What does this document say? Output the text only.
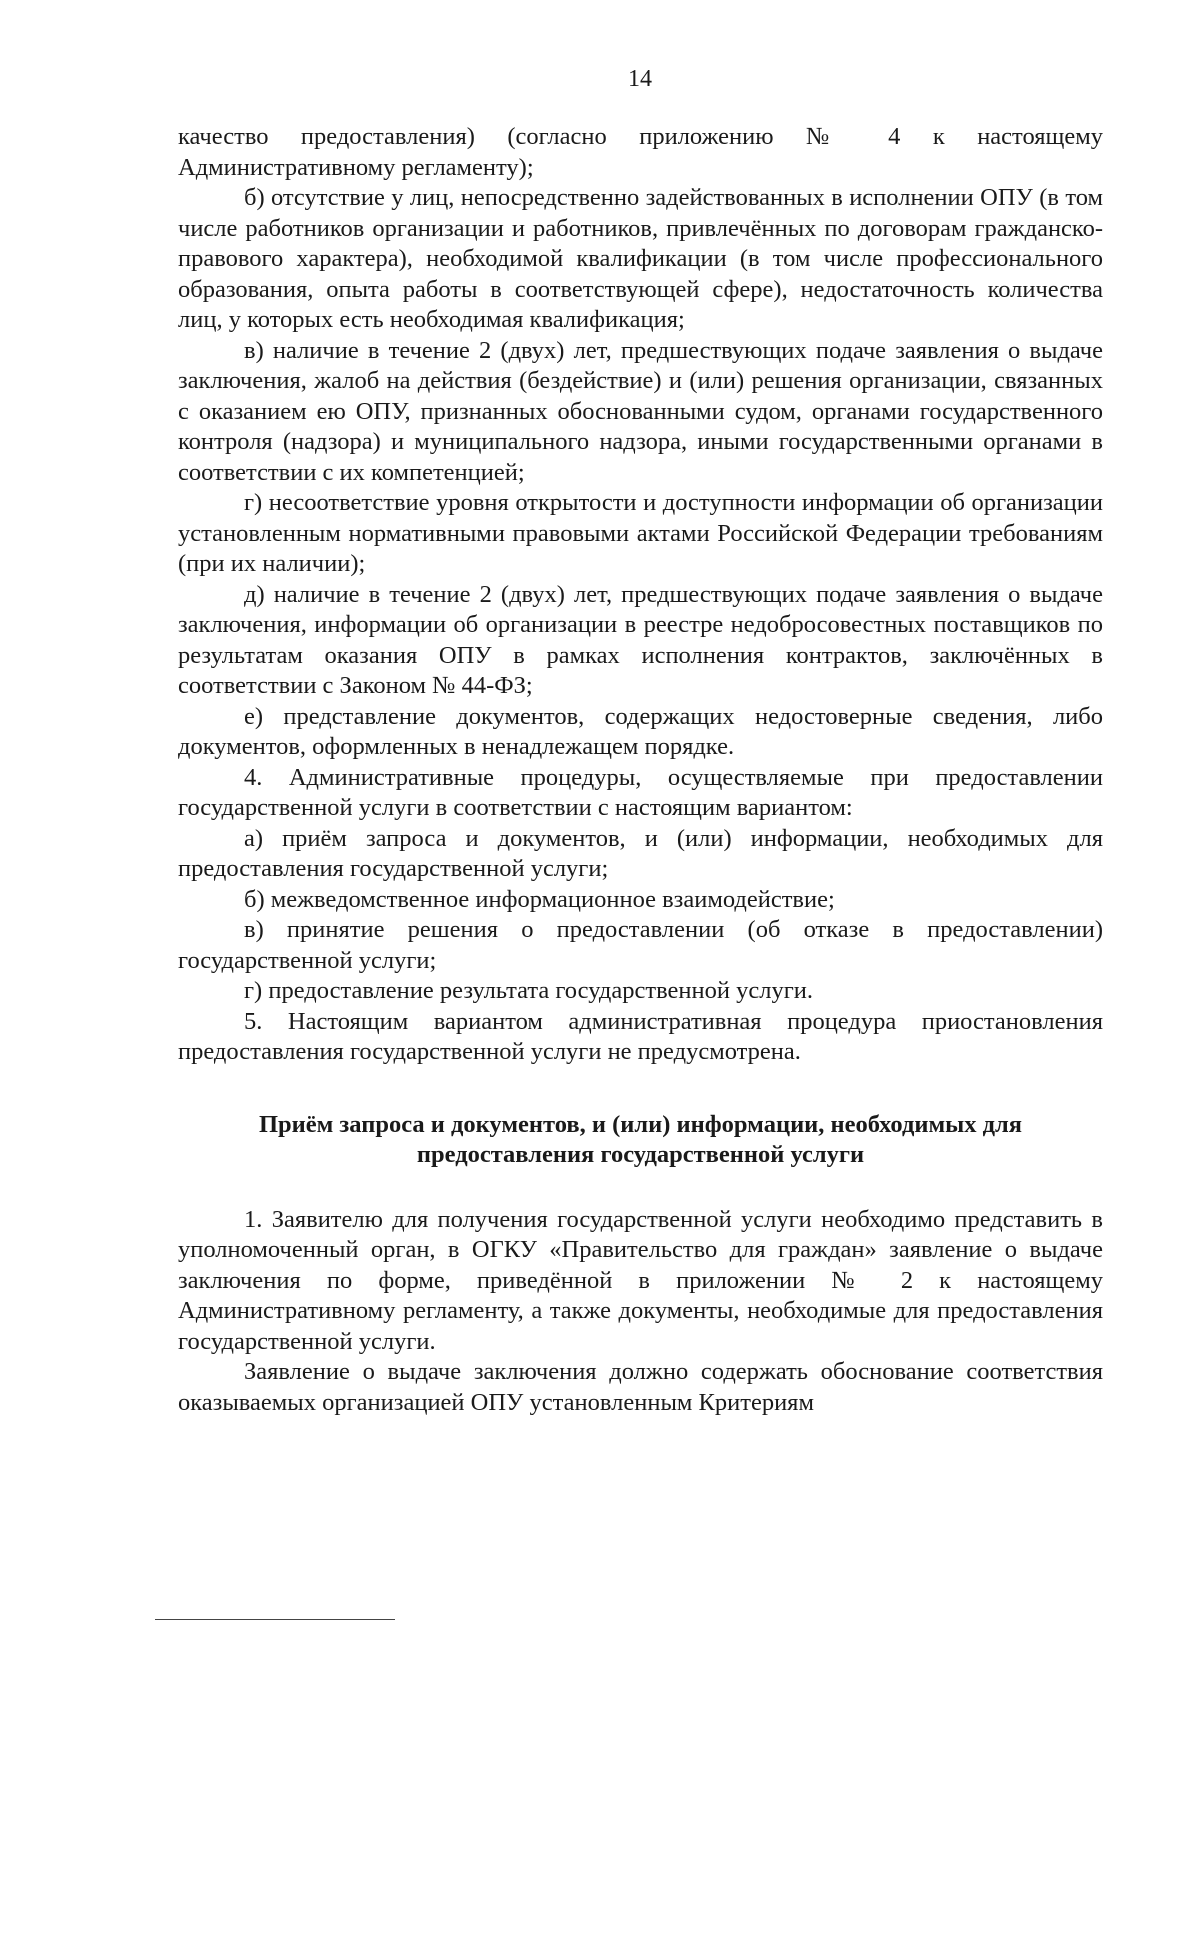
14

качество предоставления) (согласно приложению № 4 к настоящему Административному регламенту);

б) отсутствие у лиц, непосредственно задействованных в исполнении ОПУ (в том числе работников организации и работников, привлечённых по договорам гражданско-правового характера), необходимой квалификации (в том числе профессионального образования, опыта работы в соответствующей сфере), недостаточность количества лиц, у которых есть необходимая квалификация;

в) наличие в течение 2 (двух) лет, предшествующих подаче заявления о выдаче заключения, жалоб на действия (бездействие) и (или) решения организации, связанных с оказанием ею ОПУ, признанных обоснованными судом, органами государственного контроля (надзора) и муниципального надзора, иными государственными органами в соответствии с их компетенцией;

г) несоответствие уровня открытости и доступности информации об организации установленным нормативными правовыми актами Российской Федерации требованиям (при их наличии);

д) наличие в течение 2 (двух) лет, предшествующих подаче заявления о выдаче заключения, информации об организации в реестре недобросовестных поставщиков по результатам оказания ОПУ в рамках исполнения контрактов, заключённых в соответствии с Законом № 44-ФЗ;

е) представление документов, содержащих недостоверные сведения, либо документов, оформленных в ненадлежащем порядке.

4. Административные процедуры, осуществляемые при предоставлении государственной услуги в соответствии с настоящим вариантом:

а) приём запроса и документов, и (или) информации, необходимых для предоставления государственной услуги;

б) межведомственное информационное взаимодействие;

в) принятие решения о предоставлении (об отказе в предоставлении) государственной услуги;

г) предоставление результата государственной услуги.

5. Настоящим вариантом административная процедура приостановления предоставления государственной услуги не предусмотрена.

Приём запроса и документов, и (или) информации, необходимых для предоставления государственной услуги

1. Заявителю для получения государственной услуги необходимо представить в уполномоченный орган, в ОГКУ «Правительство для граждан» заявление о выдаче заключения по форме, приведённой в приложении № 2 к настоящему Административному регламенту, а также документы, необходимые для предоставления государственной услуги.

Заявление о выдаче заключения должно содержать обоснование соответствия оказываемых организацией ОПУ установленным Критериям
